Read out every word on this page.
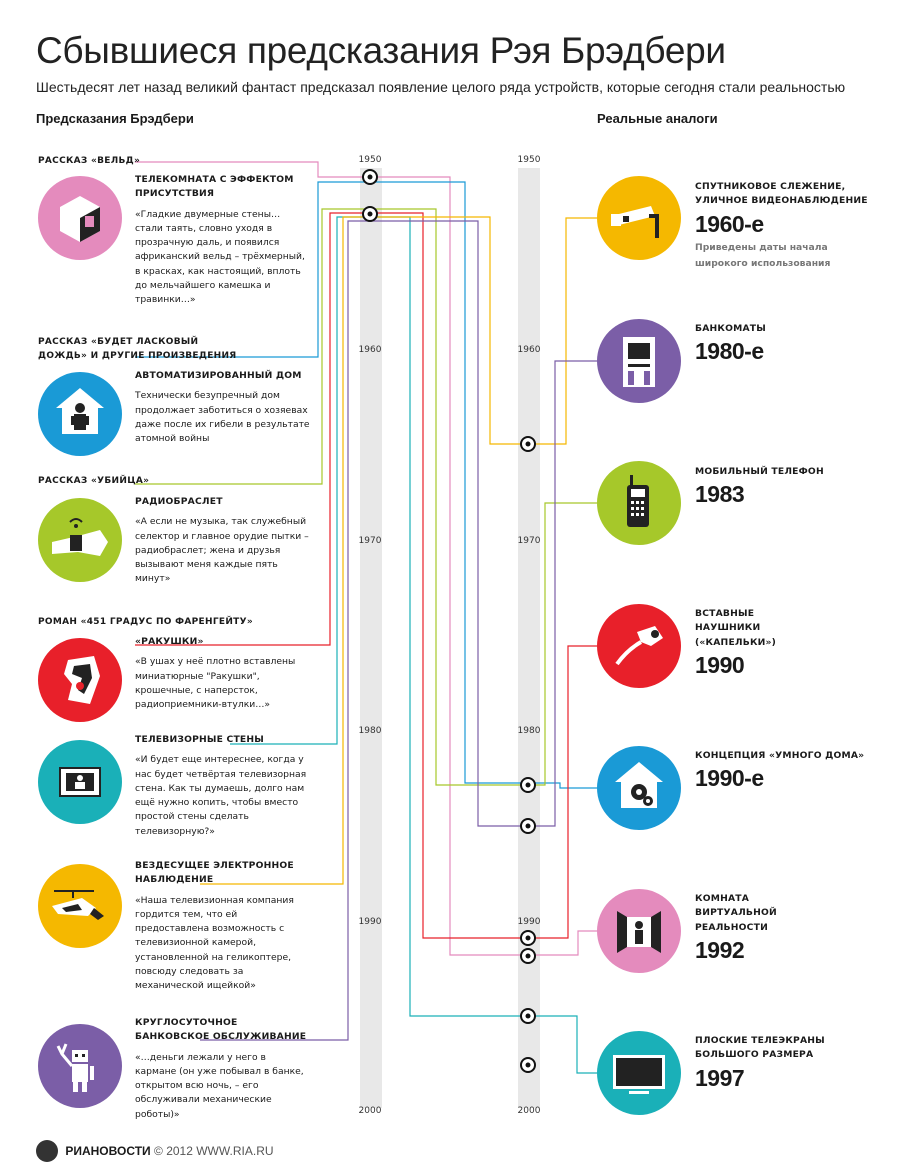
Сбывшиеся предсказания Рэя Брэдбери
Шестьдесят лет назад великий фантаст предсказал появление целого ряда устройств, которые сегодня стали реальностью
Предсказания Брэдбери	Реальные аналоги
1950
1960
1970
1980
1990
2000
1950
1960
1970
1980
1990
2000
РАССКАЗ «ВЕЛЬД»
РАССКАЗ «БУДЕТ ЛАСКОВЫЙ ДОЖДЬ» И ДРУГИЕ ПРОИЗВЕДЕНИЯ
РАССКАЗ «УБИЙЦА»
РОМАН «451 ГРАДУС ПО ФАРЕНГЕЙТУ»
ТЕЛЕКОМНАТА С ЭФФЕКТОМ ПРИСУТСТВИЯ
«Гладкие двумерные стены… стали таять, словно уходя в прозрачную даль, и появился африканский вельд – трёхмерный, в красках, как настоящий, вплоть до мельчайшего камешка и травинки…»
АВТОМАТИЗИРОВАННЫЙ ДОМ
Технически безупречный дом продолжает заботиться о хозяевах даже после их гибели в результате атомной войны
РАДИОБРАСЛЕТ
«А если не музыка, так служебный селектор и главное орудие пытки – радиобраслет; жена и друзья вызывают меня каждые пять минут»
«РАКУШКИ»
«В ушах у неё плотно вставлены миниатюрные "Ракушки", крошечные, с наперсток, радиоприемники-втулки…»
ТЕЛЕВИЗОРНЫЕ СТЕНЫ
«И будет еще интереснее, когда у нас будет четвёртая телевизорная стена. Как ты думаешь, долго нам ещё нужно копить, чтобы вместо простой стены сделать телевизорную?»
ВЕЗДЕСУЩЕЕ ЭЛЕКТРОННОЕ НАБЛЮДЕНИЕ
«Наша телевизионная компания гордится тем, что ей предоставлена возможность с телевизионной камерой, установленной на геликоптере, повсюду следовать за механической ищейкой»
КРУГЛОСУТОЧНОЕ БАНКОВСКОЕ ОБСЛУЖИВАНИЕ
«…деньги лежали у него в кармане (он уже побывал в банке, открытом всю ночь, – его обслуживали механические роботы)»
СПУТНИКОВОЕ СЛЕЖЕНИЕ, УЛИЧНОЕ ВИДЕОНАБЛЮДЕНИЕ
1960-е
Приведены даты начала широкого использования
БАНКОМАТЫ
1980-е
МОБИЛЬНЫЙ ТЕЛЕФОН
1983
ВСТАВНЫЕ НАУШНИКИ («КАПЕЛЬКИ»)
1990
КОНЦЕПЦИЯ «УМНОГО ДОМА»
1990-е
КОМНАТА ВИРТУАЛЬНОЙ РЕАЛЬНОСТИ
1992
ПЛОСКИЕ ТЕЛЕЭКРАНЫ БОЛЬШОГО РАЗМЕРА
1997
РИАНОВОСТИ © 2012 WWW.RIA.RU
